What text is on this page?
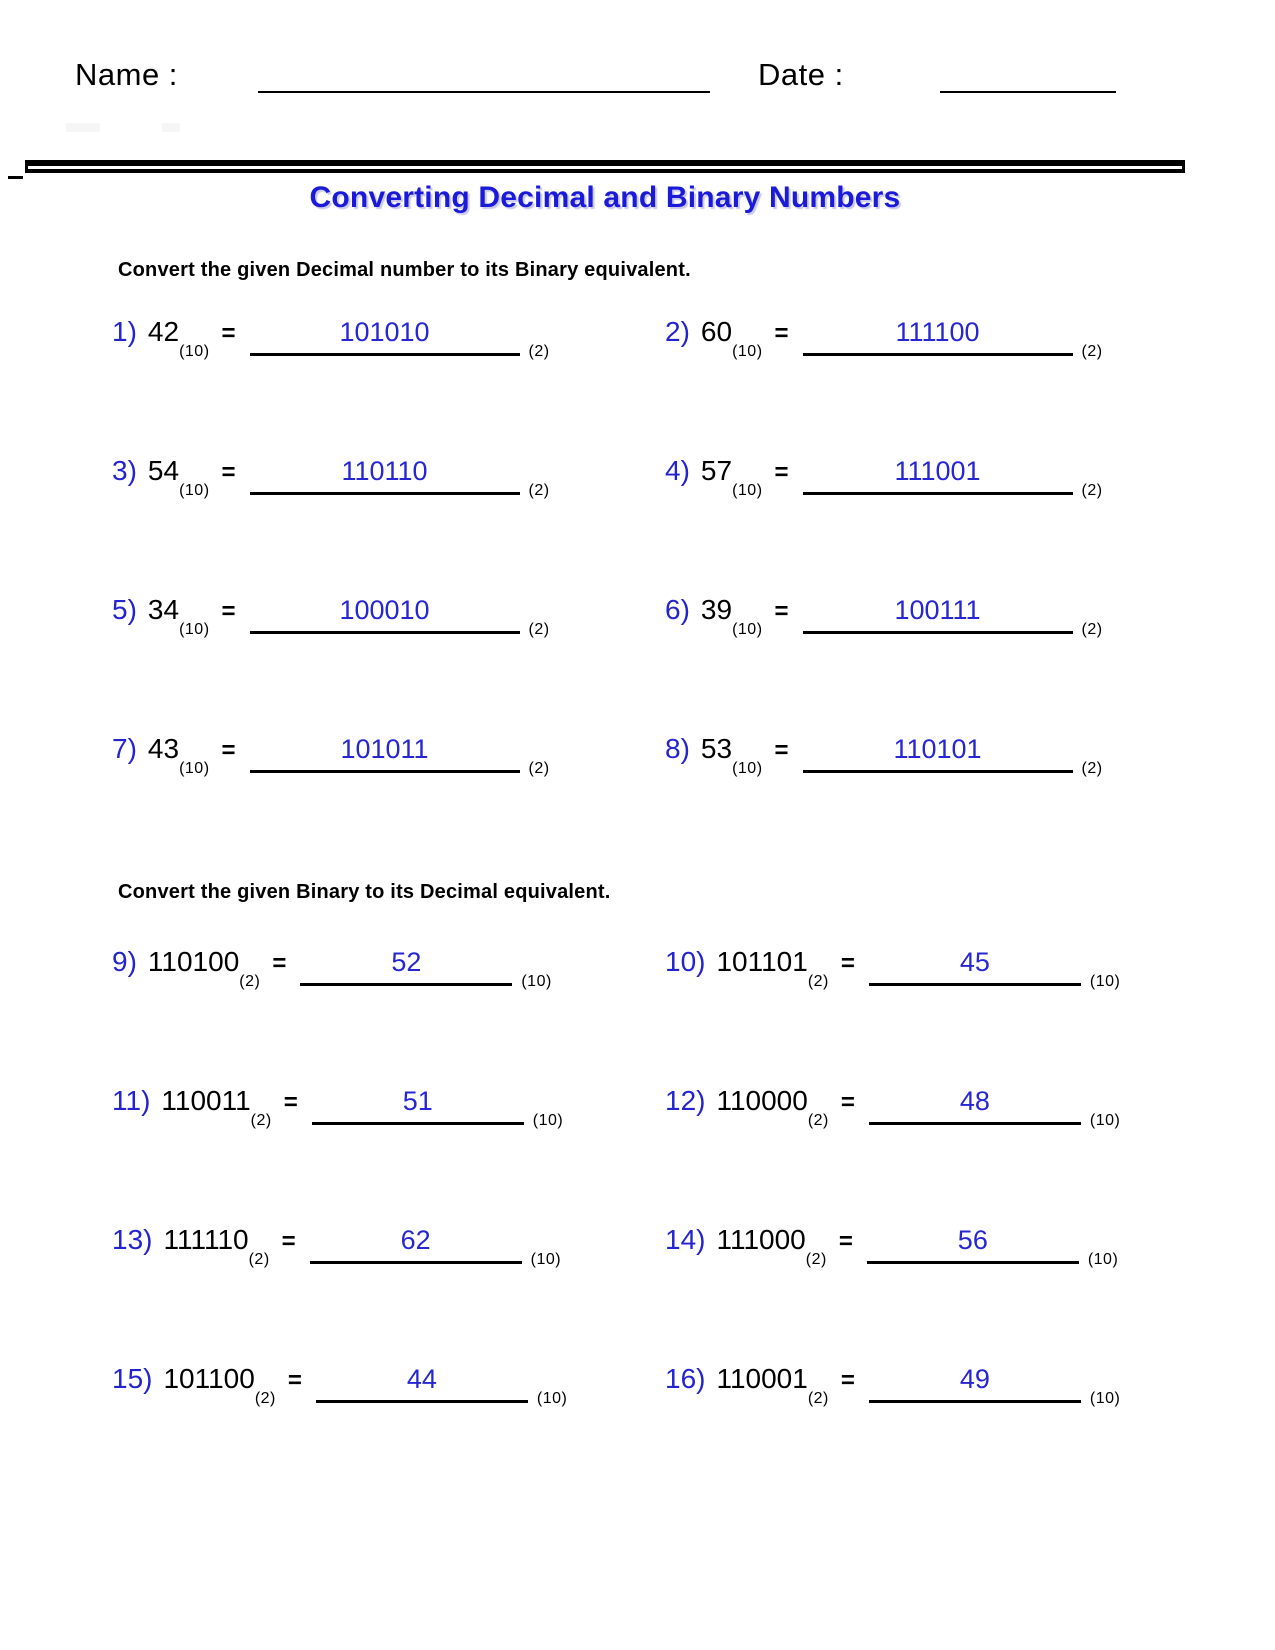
Name :	Date :
Converting Decimal and Binary Numbers
Convert the given Decimal number to its Binary equivalent.
1) $42_{(10)}=$	$101010_{(2)}$
2) $60_{(10)}=$	$111100_{(2)}$
3) $54_{(10)}=$	$110110_{(2)}$
4) $57_{(10)}=$	$111001_{(2)}$
5) $34_{(10)}=$	$100010_{(2)}$
6) $39_{(10)}=$	$100111_{(2)}$
7) $43_{(10)}=$	$101011_{(2)}$
8) $53_{(10)}=$	$110101_{(2)}$
Convert the given Binary to its Decimal equivalent.
9) $110100_{(2)}=$	$52_{(10)}$
10) $101101_{(2)}=$	$45_{(10)}$
11) $110011_{(2)}=$	$51_{(10)}$
12) $110000_{(2)}=$	$48_{(10)}$
13) $111110_{(2)}=$	$62_{(10)}$
14) $111000_{(2)}=$	$56_{(10)}$
15) $101100_{(2)}=$	$44_{(10)}$
16) $110001_{(2)}=$	$49_{(10)}$
